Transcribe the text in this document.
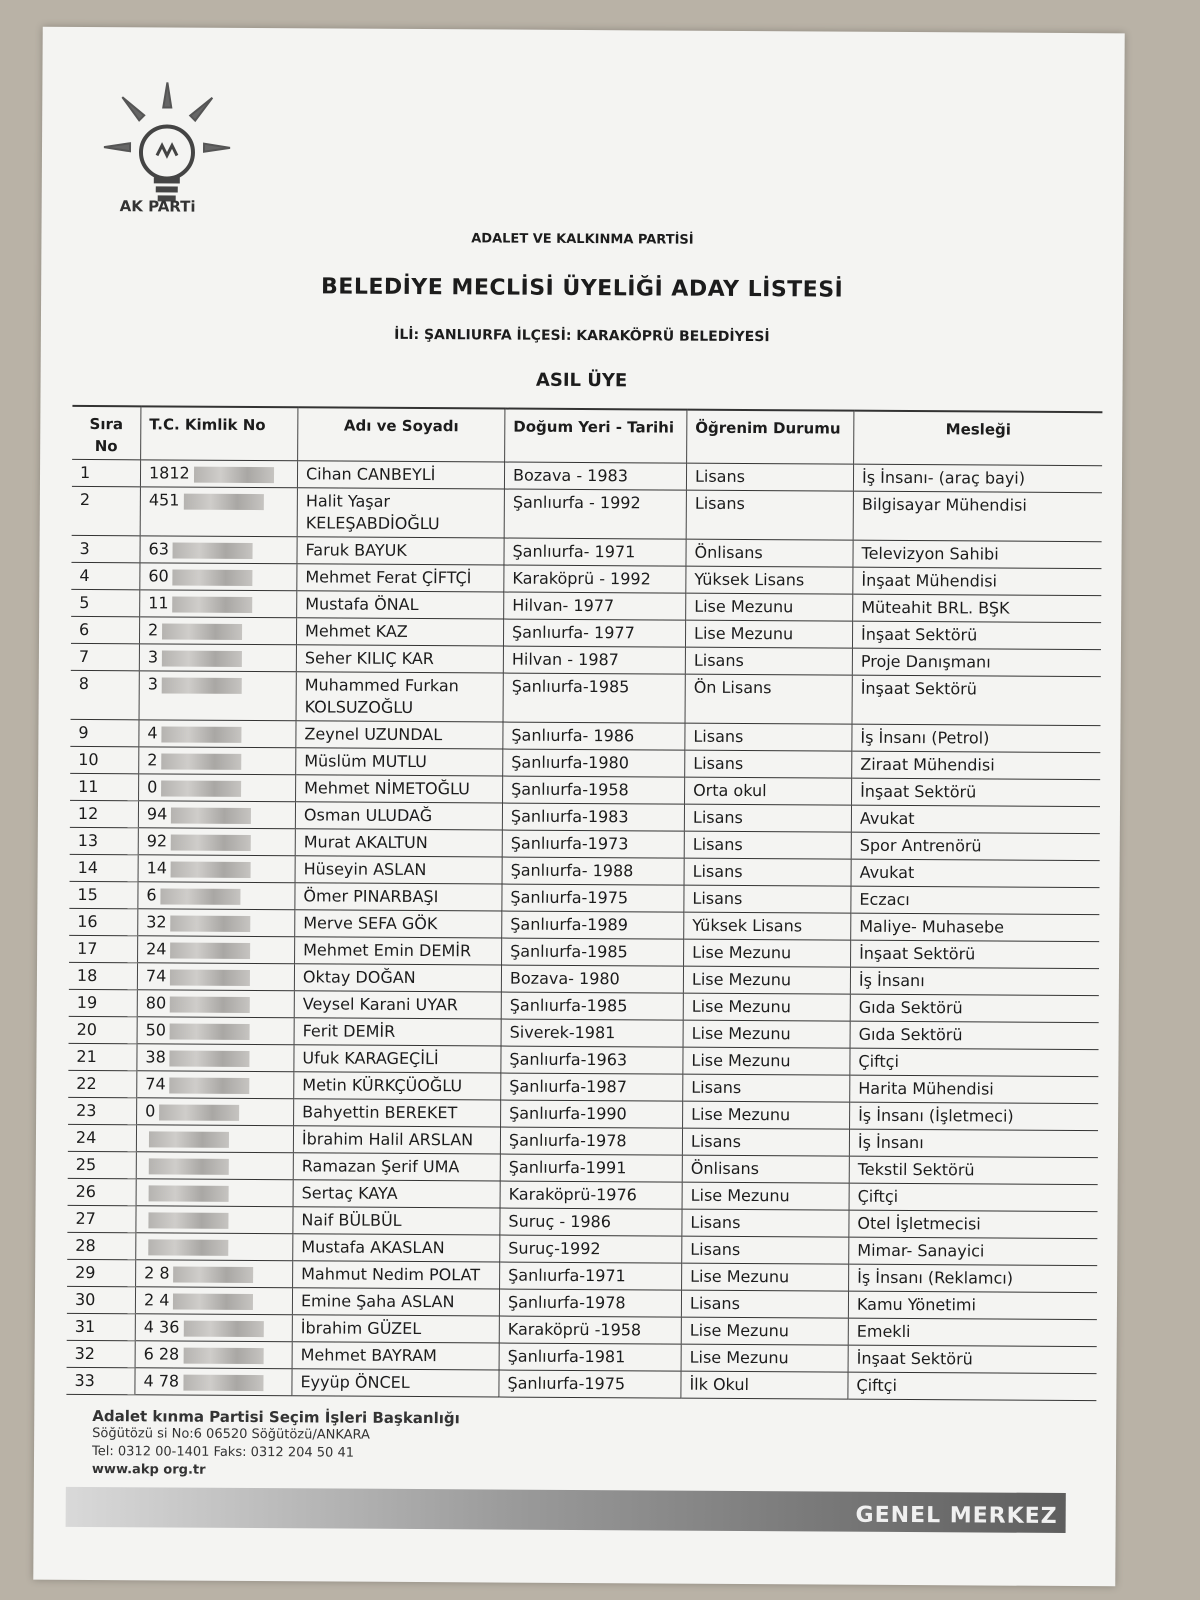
AK PARTi
ADALET VE KALKINMA PARTİSİ
BELEDİYE MECLİSİ ÜYELİĞİ ADAY LİSTESİ
İLİ: ŞANLIURFA İLÇESİ: KARAKÖPRÜ BELEDİYESİ
ASIL ÜYE
Sıra No	T.C. Kimlik No	Adı ve Soyadı	Doğum Yeri - Tarihi	Öğrenim Durumu	Mesleği
1	1812	Cihan CANBEYLİ	Bozava - 1983	Lisans	İş İnsanı- (araç bayi)
2	451	Halit Yaşar KELEŞABDİOĞLU	Şanlıurfa - 1992	Lisans	Bilgisayar Mühendisi
3	63	Faruk BAYUK	Şanlıurfa- 1971	Önlisans	Televizyon Sahibi
4	60	Mehmet Ferat ÇİFTÇİ	Karaköprü - 1992	Yüksek Lisans	İnşaat Mühendisi
5	11	Mustafa ÖNAL	Hilvan- 1977	Lise Mezunu	Müteahit BRL. BŞK
6	2	Mehmet KAZ	Şanlıurfa- 1977	Lise Mezunu	İnşaat Sektörü
7	3	Seher KILIÇ KAR	Hilvan - 1987	Lisans	Proje Danışmanı
8	3	Muhammed Furkan KOLSUZOĞLU	Şanlıurfa-1985	Ön Lisans	İnşaat Sektörü
9	4	Zeynel UZUNDAL	Şanlıurfa- 1986	Lisans	İş İnsanı (Petrol)
10	2	Müslüm MUTLU	Şanlıurfa-1980	Lisans	Ziraat Mühendisi
11	0	Mehmet NİMETOĞLU	Şanlıurfa-1958	Orta okul	İnşaat Sektörü
12	94	Osman ULUDAĞ	Şanlıurfa-1983	Lisans	Avukat
13	92	Murat AKALTUN	Şanlıurfa-1973	Lisans	Spor Antrenörü
14	14	Hüseyin ASLAN	Şanlıurfa- 1988	Lisans	Avukat
15	6	Ömer PINARBAŞI	Şanlıurfa-1975	Lisans	Eczacı
16	32	Merve SEFA GÖK	Şanlıurfa-1989	Yüksek Lisans	Maliye- Muhasebe
17	24	Mehmet Emin DEMİR	Şanlıurfa-1985	Lise Mezunu	İnşaat Sektörü
18	74	Oktay DOĞAN	Bozava- 1980	Lise Mezunu	İş İnsanı
19	80	Veysel Karani UYAR	Şanlıurfa-1985	Lise Mezunu	Gıda Sektörü
20	50	Ferit DEMİR	Siverek-1981	Lise Mezunu	Gıda Sektörü
21	38	Ufuk KARAGEÇİLİ	Şanlıurfa-1963	Lise Mezunu	Çiftçi
22	74	Metin KÜRKÇÜOĞLU	Şanlıurfa-1987	Lisans	Harita Mühendisi
23	0	Bahyettin BEREKET	Şanlıurfa-1990	Lise Mezunu	İş İnsanı (İşletmeci)
24		İbrahim Halil ARSLAN	Şanlıurfa-1978	Lisans	İş İnsanı
25		Ramazan Şerif UMA	Şanlıurfa-1991	Önlisans	Tekstil Sektörü
26		Sertaç KAYA	Karaköprü-1976	Lise Mezunu	Çiftçi
27		Naif BÜLBÜL	Suruç - 1986	Lisans	Otel İşletmecisi
28		Mustafa AKASLAN	Suruç-1992	Lisans	Mimar- Sanayici
29	2 8	Mahmut Nedim POLAT	Şanlıurfa-1971	Lise Mezunu	İş İnsanı (Reklamcı)
30	2 4	Emine Şaha ASLAN	Şanlıurfa-1978	Lisans	Kamu Yönetimi
31	4 36	İbrahim GÜZEL	Karaköprü -1958	Lise Mezunu	Emekli
32	6 28	Mehmet BAYRAM	Şanlıurfa-1981	Lise Mezunu	İnşaat Sektörü
33	4 78	Eyyüp ÖNCEL	Şanlıurfa-1975	İlk Okul	Çiftçi
Adalet kınma Partisi Seçim İşleri Başkanlığı
Söğütözü si No:6 06520 Söğütözü/ANKARA
Tel: 0312 00-1401 Faks: 0312 204 50 41
www.akp org.tr
GENEL MERKEZ
